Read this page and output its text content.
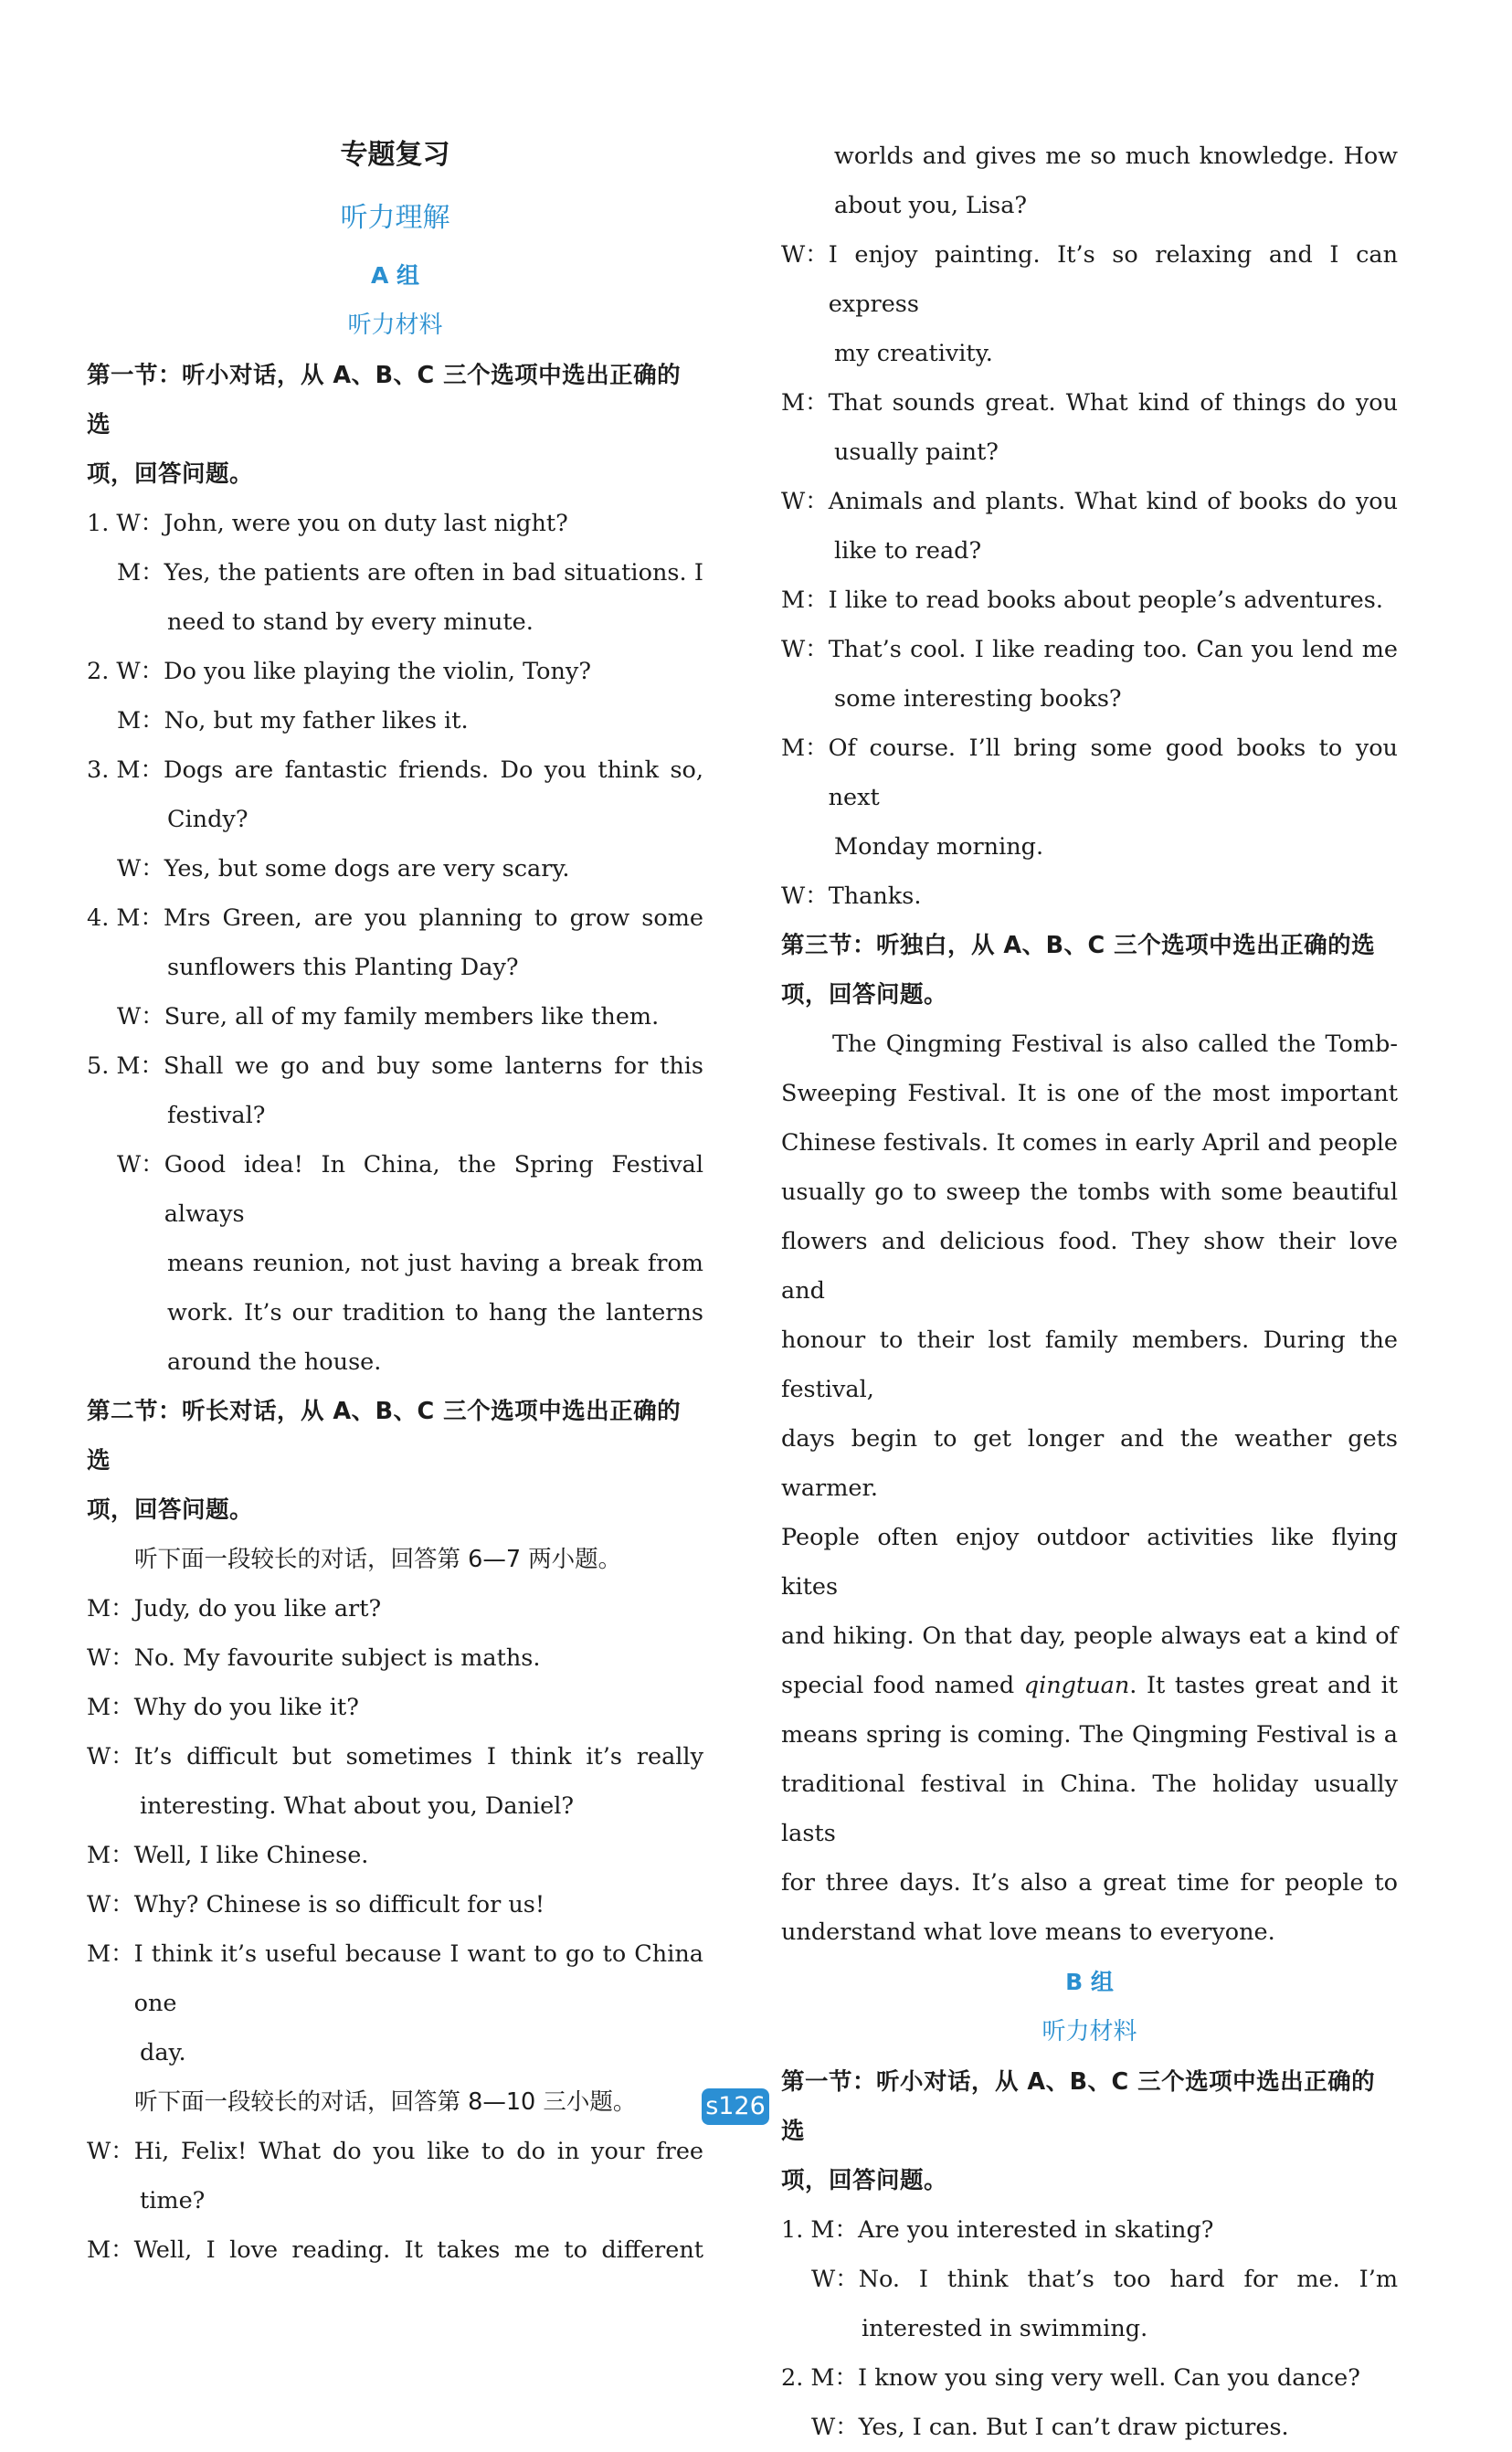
专题复习

听力理解

A 组

听力材料

第一节：听小对话，从 A、B、C 三个选项中选出正确的选
项，回答问题。

1. W： John, were you on duty last night?
M： Yes, the patients are often in bad situations. I
need to stand by every minute.
2. W： Do you like playing the violin, Tony?
M： No, but my father likes it.
3. M： Dogs are fantastic friends. Do you think so,
Cindy?
W： Yes, but some dogs are very scary.
4. M： Mrs Green, are you planning to grow some
sunflowers this Planting Day?
W： Sure, all of my family members like them.
5. M： Shall we go and buy some lanterns for this
festival?
W： Good idea! In China, the Spring Festival always
means reunion, not just having a break from
work. It’s our tradition to hang the lanterns
around the house.

第二节：听长对话，从 A、B、C 三个选项中选出正确的选
项，回答问题。

听下面一段较长的对话，回答第 6—7 两小题。

M： Judy, do you like art?
W： No. My favourite subject is maths.
M： Why do you like it?
W： It’s difficult but sometimes I think it’s really
interesting. What about you, Daniel?
M： Well, I like Chinese.
W： Why? Chinese is so difficult for us!
M： I think it’s useful because I want to go to China one
day.

听下面一段较长的对话，回答第 8—10 三小题。

W： Hi, Felix! What do you like to do in your free
time?
M： Well, I love reading. It takes me to different
worlds and gives me so much knowledge. How
about you, Lisa?
W： I enjoy painting. It’s so relaxing and I can express
my creativity.
M： That sounds great. What kind of things do you
usually paint?
W： Animals and plants. What kind of books do you
like to read?
M： I like to read books about people’s adventures.
W： That’s cool. I like reading too. Can you lend me
some interesting books?
M： Of course. I’ll bring some good books to you next
Monday morning.
W： Thanks.

第三节：听独白，从 A、B、C 三个选项中选出正确的选
项，回答问题。

The Qingming Festival is also called the Tomb-
Sweeping Festival. It is one of the most important
Chinese festivals. It comes in early April and people
usually go to sweep the tombs with some beautiful
flowers and delicious food. They show their love and
honour to their lost family members. During the festival,
days begin to get longer and the weather gets warmer.
People often enjoy outdoor activities like flying kites
and hiking. On that day, people always eat a kind of
special food named qingtuan. It tastes great and it
means spring is coming. The Qingming Festival is a
traditional festival in China. The holiday usually lasts
for three days. It’s also a great time for people to
understand what love means to everyone.

B 组

听力材料

第一节：听小对话，从 A、B、C 三个选项中选出正确的选
项，回答问题。

1. M： Are you interested in skating?
W： No. I think that’s too hard for me. I’m
interested in swimming.
2. M： I know you sing very well. Can you dance?
W： Yes, I can. But I can’t draw pictures.
s126
